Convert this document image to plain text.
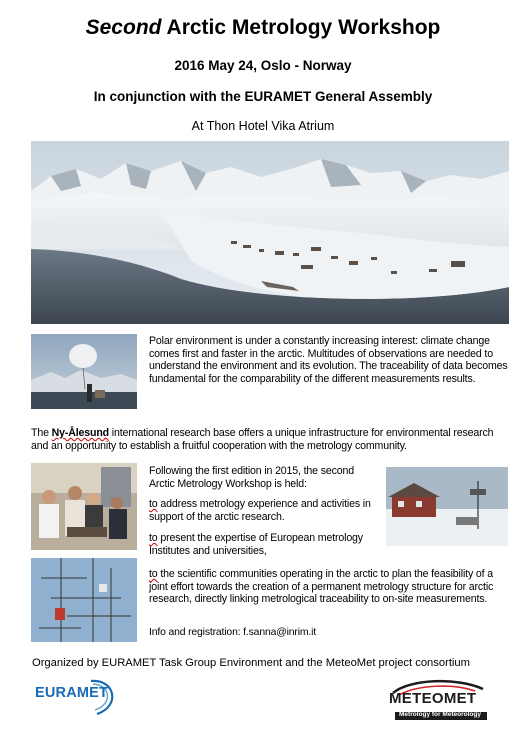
Second Arctic Metrology Workshop
2016 May 24, Oslo - Norway
In conjunction with the EURAMET General Assembly
At Thon Hotel Vika Atrium

Polar environment is under a constantly increasing interest: climate change comes first and faster in the arctic. Multitudes of observations are needed to understand the environment and its evolution. The traceability of data becomes fundamental for the comparability of the different measurements results.

The Ny-Ålesund international research base offers a unique infrastructure for environmental research and an opportunity to establish a fruitful cooperation with the metrology community.

Following the first edition in 2015, the second Arctic Metrology Workshop is held:

to address metrology experience and activities in support of the arctic research.
to present the expertise of European metrology Institutes and universities,
to the scientific communities operating in the arctic to plan the feasibility of a joint effort towards the creation of a permanent metrology structure for arctic research, directly linking metrological traceability to on-site measurements.
Info and registration: f.sanna@inrim.it
Organized by EURAMET Task Group Environment and the MeteoMet project consortium
EURAMET	METEOMET
Metrology for Meteorology
